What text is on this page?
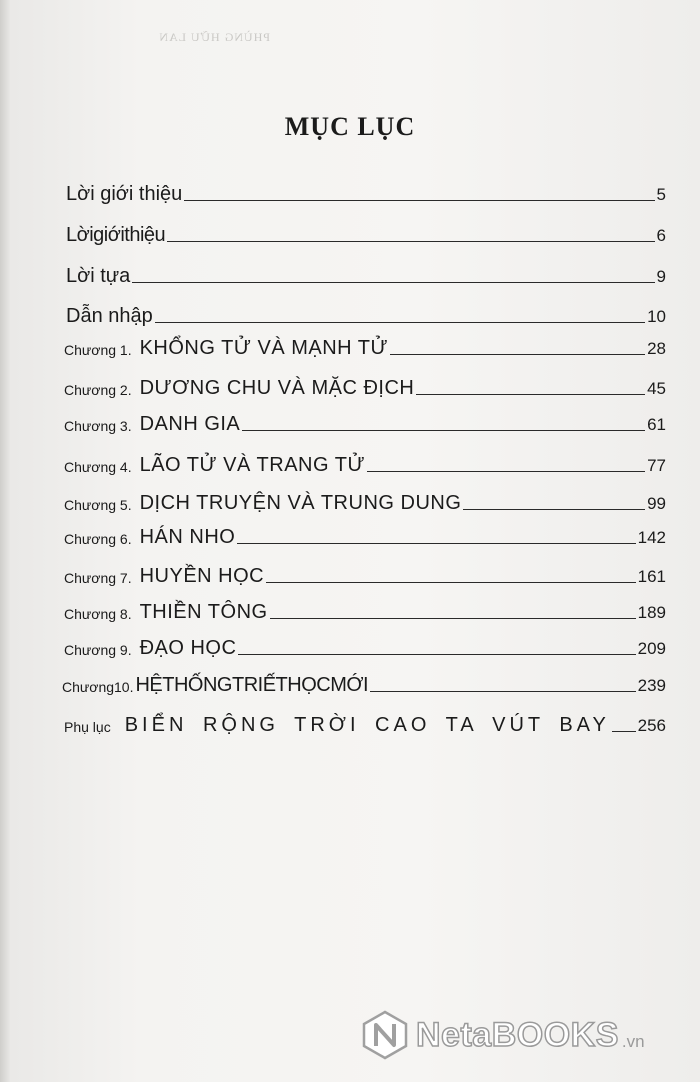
PHÙNG HỮU LAN
MỤC LỤC
Lời giới thiệu	5
Lờigiớithiệu	6
Lời tựa	9
Dẫn nhập	10
Chương 1. KHỔNG TỬ VÀ MẠNH TỬ	28
Chương 2. DƯƠNG CHU VÀ MẶC ĐỊCH	45
Chương 3. DANH GIA	61
Chương 4. LÃO TỬ VÀ TRANG TỬ	77
Chương 5. DỊCH TRUYỆN VÀ TRUNG DUNG	99
Chương 6. HÁN NHO	142
Chương 7. HUYỀN HỌC	161
Chương 8. THIỀN TÔNG	189
Chương 9. ĐẠO HỌC	209
Chương10. HỆTHỐNGTRIẾTHỌCMỚI	239
Phụ lục BIỂN RỘNG TRỜI CAO TA VÚT BAY 256
NetaBOOKS .vn
